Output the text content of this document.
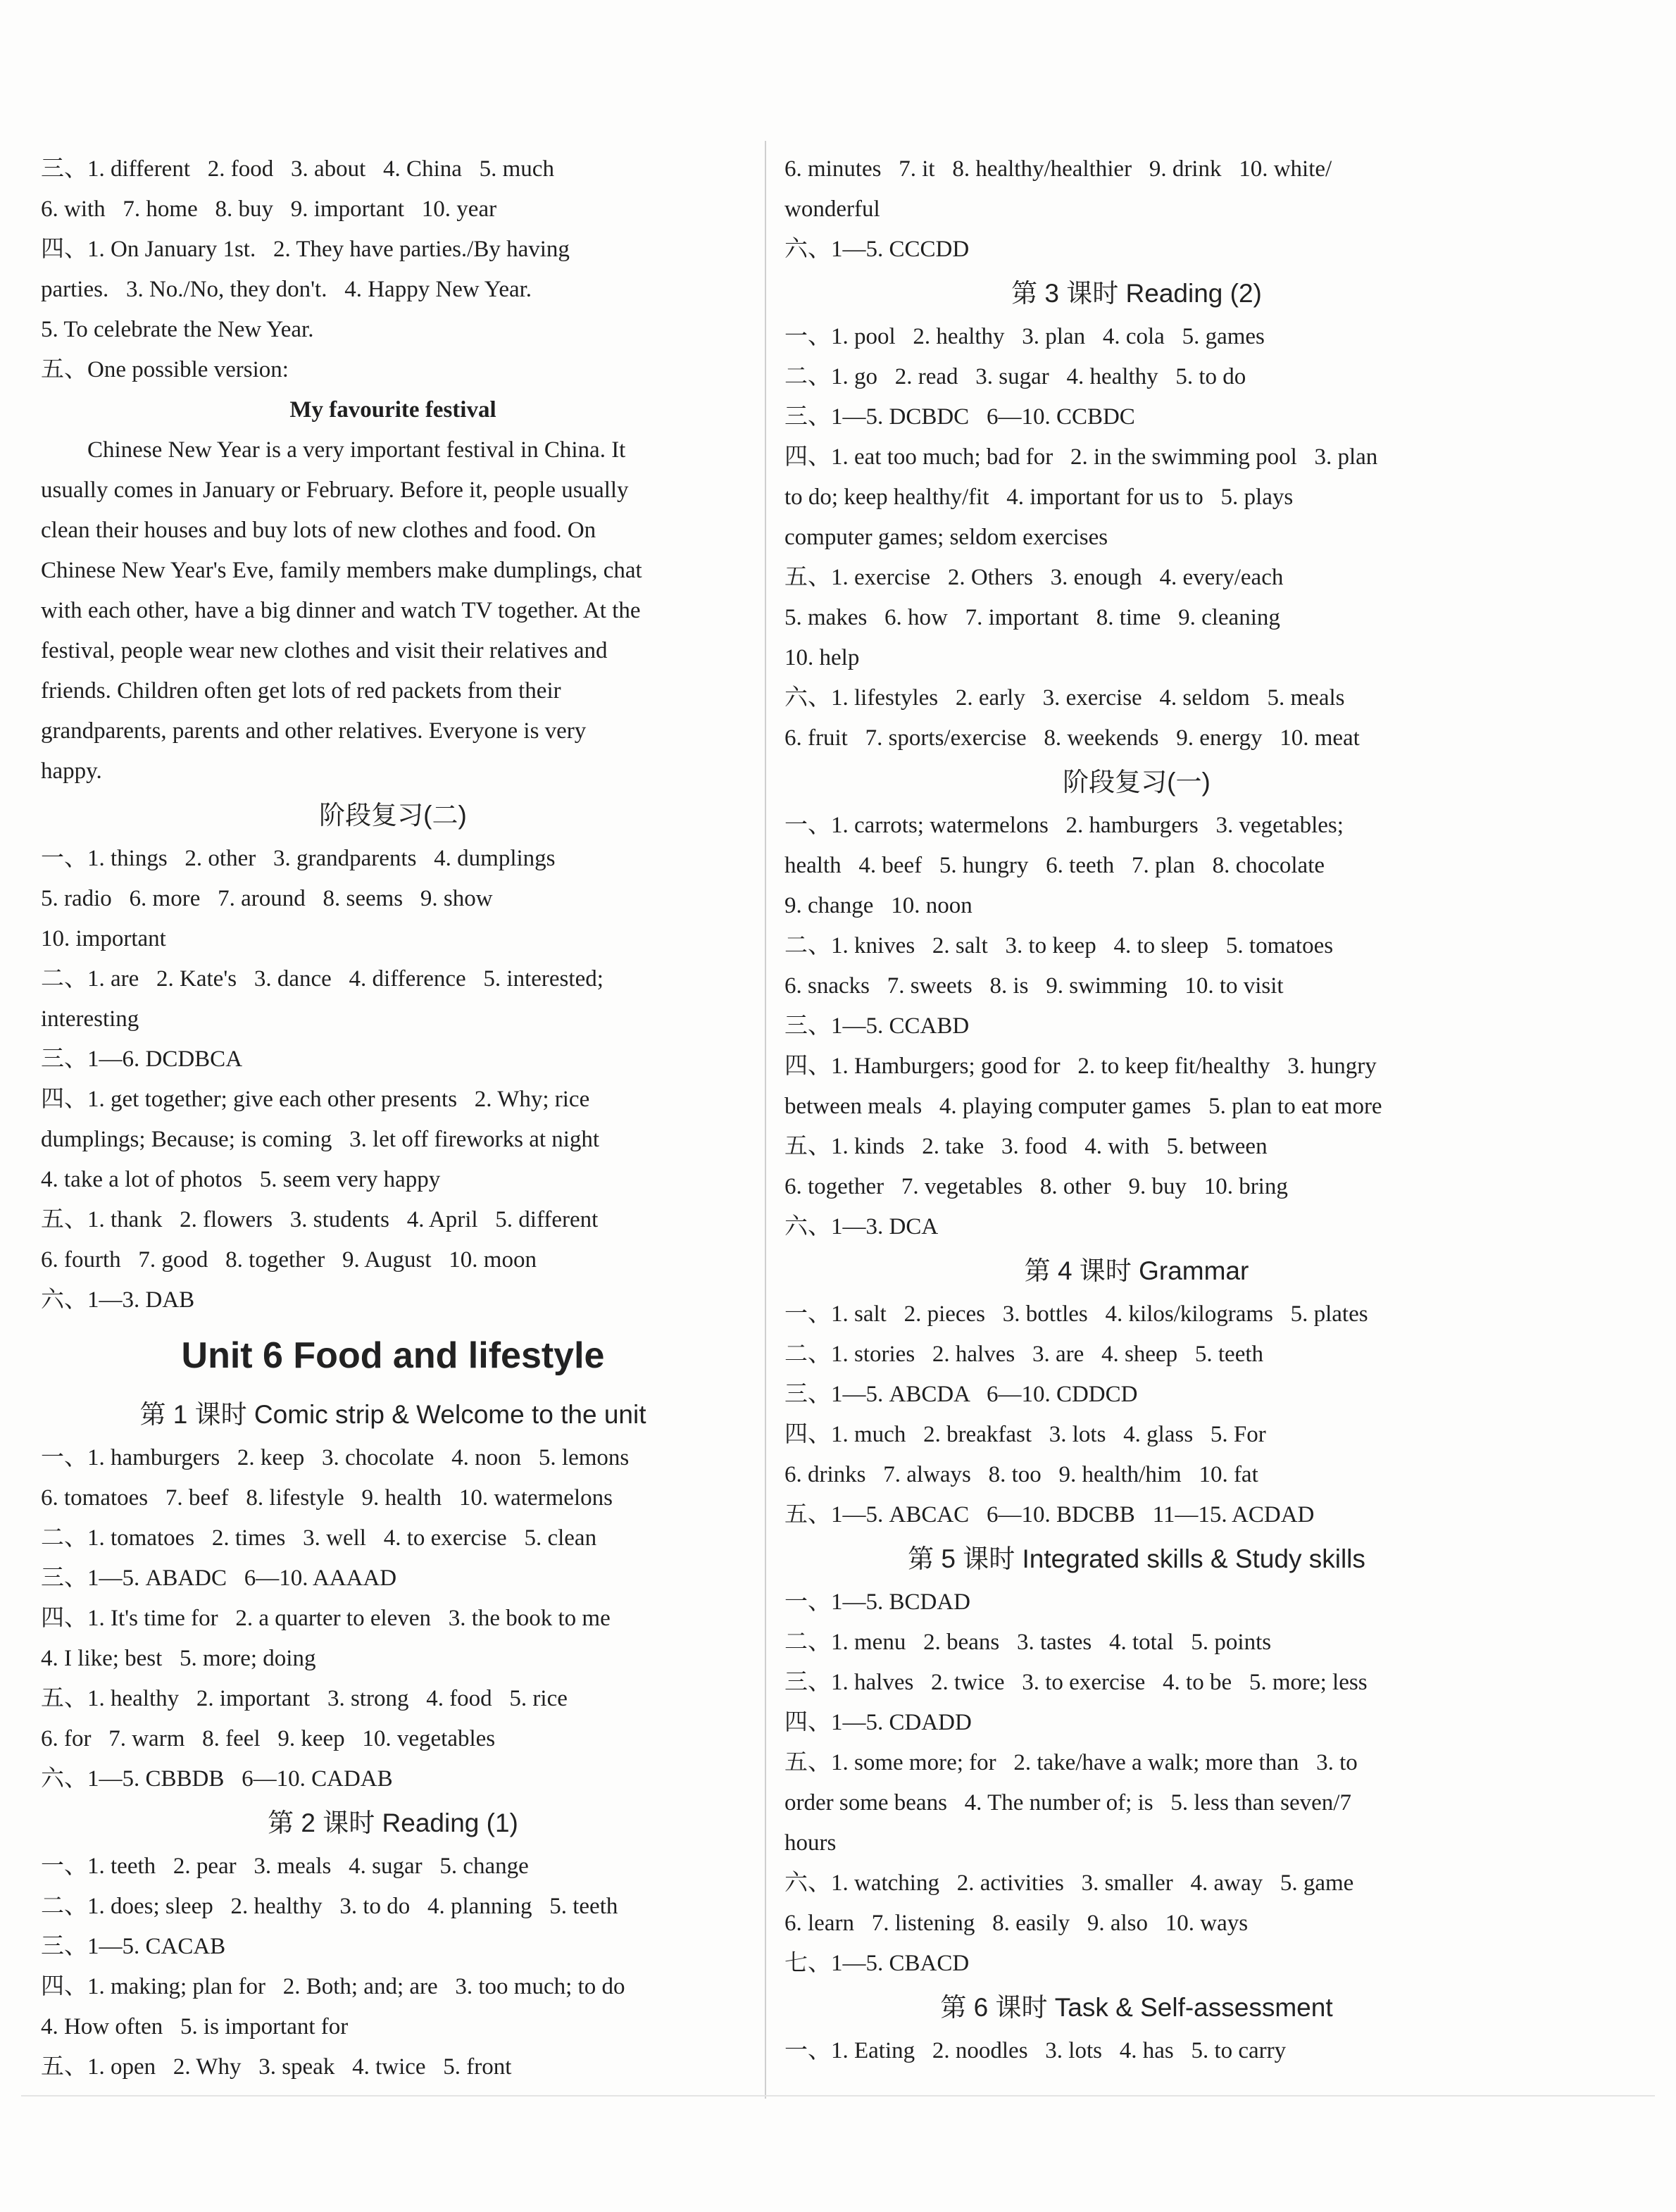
三、1. different   2. food   3. about   4. China   5. much
6. with   7. home   8. buy   9. important   10. year
四、1. On January 1st.   2. They have parties./By having
parties.   3. No./No, they don't.   4. Happy New Year.
5. To celebrate the New Year.
五、One possible version:
My favourite festival
Chinese New Year is a very important festival in China. It
usually comes in January or February. Before it, people usually
clean their houses and buy lots of new clothes and food. On
Chinese New Year's Eve, family members make dumplings, chat
with each other, have a big dinner and watch TV together. At the
festival, people wear new clothes and visit their relatives and
friends. Children often get lots of red packets from their
grandparents, parents and other relatives. Everyone is very
happy.
阶段复习(二)
一、1. things   2. other   3. grandparents   4. dumplings
5. radio   6. more   7. around   8. seems   9. show
10. important
二、1. are   2. Kate's   3. dance   4. difference   5. interested;
interesting
三、1—6. DCDBCA
四、1. get together; give each other presents   2. Why; rice
dumplings; Because; is coming   3. let off fireworks at night
4. take a lot of photos   5. seem very happy
五、1. thank   2. flowers   3. students   4. April   5. different
6. fourth   7. good   8. together   9. August   10. moon
六、1—3. DAB
Unit 6 Food and lifestyle
第 1 课时 Comic strip & Welcome to the unit
一、1. hamburgers   2. keep   3. chocolate   4. noon   5. lemons
6. tomatoes   7. beef   8. lifestyle   9. health   10. watermelons
二、1. tomatoes   2. times   3. well   4. to exercise   5. clean
三、1—5. ABADC   6—10. AAAAD
四、1. It's time for   2. a quarter to eleven   3. the book to me
4. I like; best   5. more; doing
五、1. healthy   2. important   3. strong   4. food   5. rice
6. for   7. warm   8. feel   9. keep   10. vegetables
六、1—5. CBBDB   6—10. CADAB
第 2 课时 Reading (1)
一、1. teeth   2. pear   3. meals   4. sugar   5. change
二、1. does; sleep   2. healthy   3. to do   4. planning   5. teeth
三、1—5. CACAB
四、1. making; plan for   2. Both; and; are   3. too much; to do
4. How often   5. is important for
五、1. open   2. Why   3. speak   4. twice   5. front
6. minutes   7. it   8. healthy/healthier   9. drink   10. white/
wonderful
六、1—5. CCCDD
第 3 课时 Reading (2)
一、1. pool   2. healthy   3. plan   4. cola   5. games
二、1. go   2. read   3. sugar   4. healthy   5. to do
三、1—5. DCBDC   6—10. CCBDC
四、1. eat too much; bad for   2. in the swimming pool   3. plan
to do; keep healthy/fit   4. important for us to   5. plays
computer games; seldom exercises
五、1. exercise   2. Others   3. enough   4. every/each
5. makes   6. how   7. important   8. time   9. cleaning
10. help
六、1. lifestyles   2. early   3. exercise   4. seldom   5. meals
6. fruit   7. sports/exercise   8. weekends   9. energy   10. meat
阶段复习(一)
一、1. carrots; watermelons   2. hamburgers   3. vegetables;
health   4. beef   5. hungry   6. teeth   7. plan   8. chocolate
9. change   10. noon
二、1. knives   2. salt   3. to keep   4. to sleep   5. tomatoes
6. snacks   7. sweets   8. is   9. swimming   10. to visit
三、1—5. CCABD
四、1. Hamburgers; good for   2. to keep fit/healthy   3. hungry
between meals   4. playing computer games   5. plan to eat more
五、1. kinds   2. take   3. food   4. with   5. between
6. together   7. vegetables   8. other   9. buy   10. bring
六、1—3. DCA
第 4 课时 Grammar
一、1. salt   2. pieces   3. bottles   4. kilos/kilograms   5. plates
二、1. stories   2. halves   3. are   4. sheep   5. teeth
三、1—5. ABCDA   6—10. CDDCD
四、1. much   2. breakfast   3. lots   4. glass   5. For
6. drinks   7. always   8. too   9. health/him   10. fat
五、1—5. ABCAC   6—10. BDCBB   11—15. ACDAD
第 5 课时 Integrated skills & Study skills
一、1—5. BCDAD
二、1. menu   2. beans   3. tastes   4. total   5. points
三、1. halves   2. twice   3. to exercise   4. to be   5. more; less
四、1—5. CDADD
五、1. some more; for   2. take/have a walk; more than   3. to
order some beans   4. The number of; is   5. less than seven/7
hours
六、1. watching   2. activities   3. smaller   4. away   5. game
6. learn   7. listening   8. easily   9. also   10. ways
七、1—5. CBACD
第 6 课时 Task & Self-assessment
一、1. Eating   2. noodles   3. lots   4. has   5. to carry
